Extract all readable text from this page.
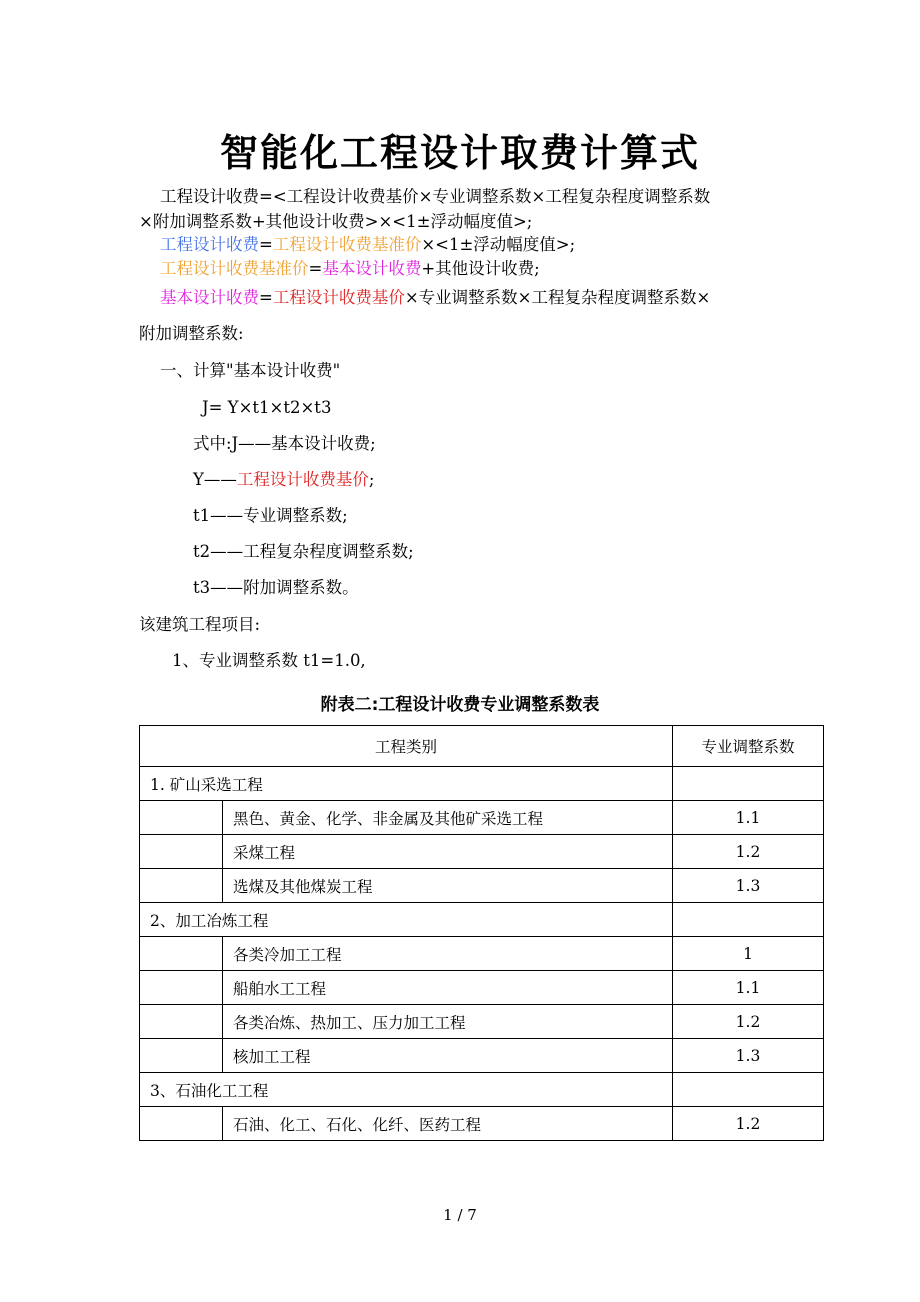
智能化工程设计取费计算式
工程设计收费=<工程设计收费基价×专业调整系数×工程复杂程度调整系数
×附加调整系数+其他设计收费>×<1±浮动幅度值>;
工程设计收费=工程设计收费基准价×<1±浮动幅度值>;
工程设计收费基准价=基本设计收费+其他设计收费;
基本设计收费=工程设计收费基价×专业调整系数×工程复杂程度调整系数×
附加调整系数:
一、计算"基本设计收费"
J= Y×t1×t2×t3
式中:J——基本设计收费;
Y——工程设计收费基价;
t1——专业调整系数;
t2——工程复杂程度调整系数;
t3——附加调整系数。
该建筑工程项目:
1、专业调整系数 t1=1.0,
附表二:工程设计收费专业调整系数表
工程类别		专业调整系数
1. 矿山采选工程		
	黑色、黄金、化学、非金属及其他矿采选工程	1.1
	采煤工程	1.2
	选煤及其他煤炭工程	1.3
2、加工冶炼工程		
	各类冷加工工程	1
	船舶水工工程	1.1
	各类冶炼、热加工、压力加工工程	1.2
	核加工工程	1.3
3、石油化工工程		
	石油、化工、石化、化纤、医药工程	1.2
1 / 7
